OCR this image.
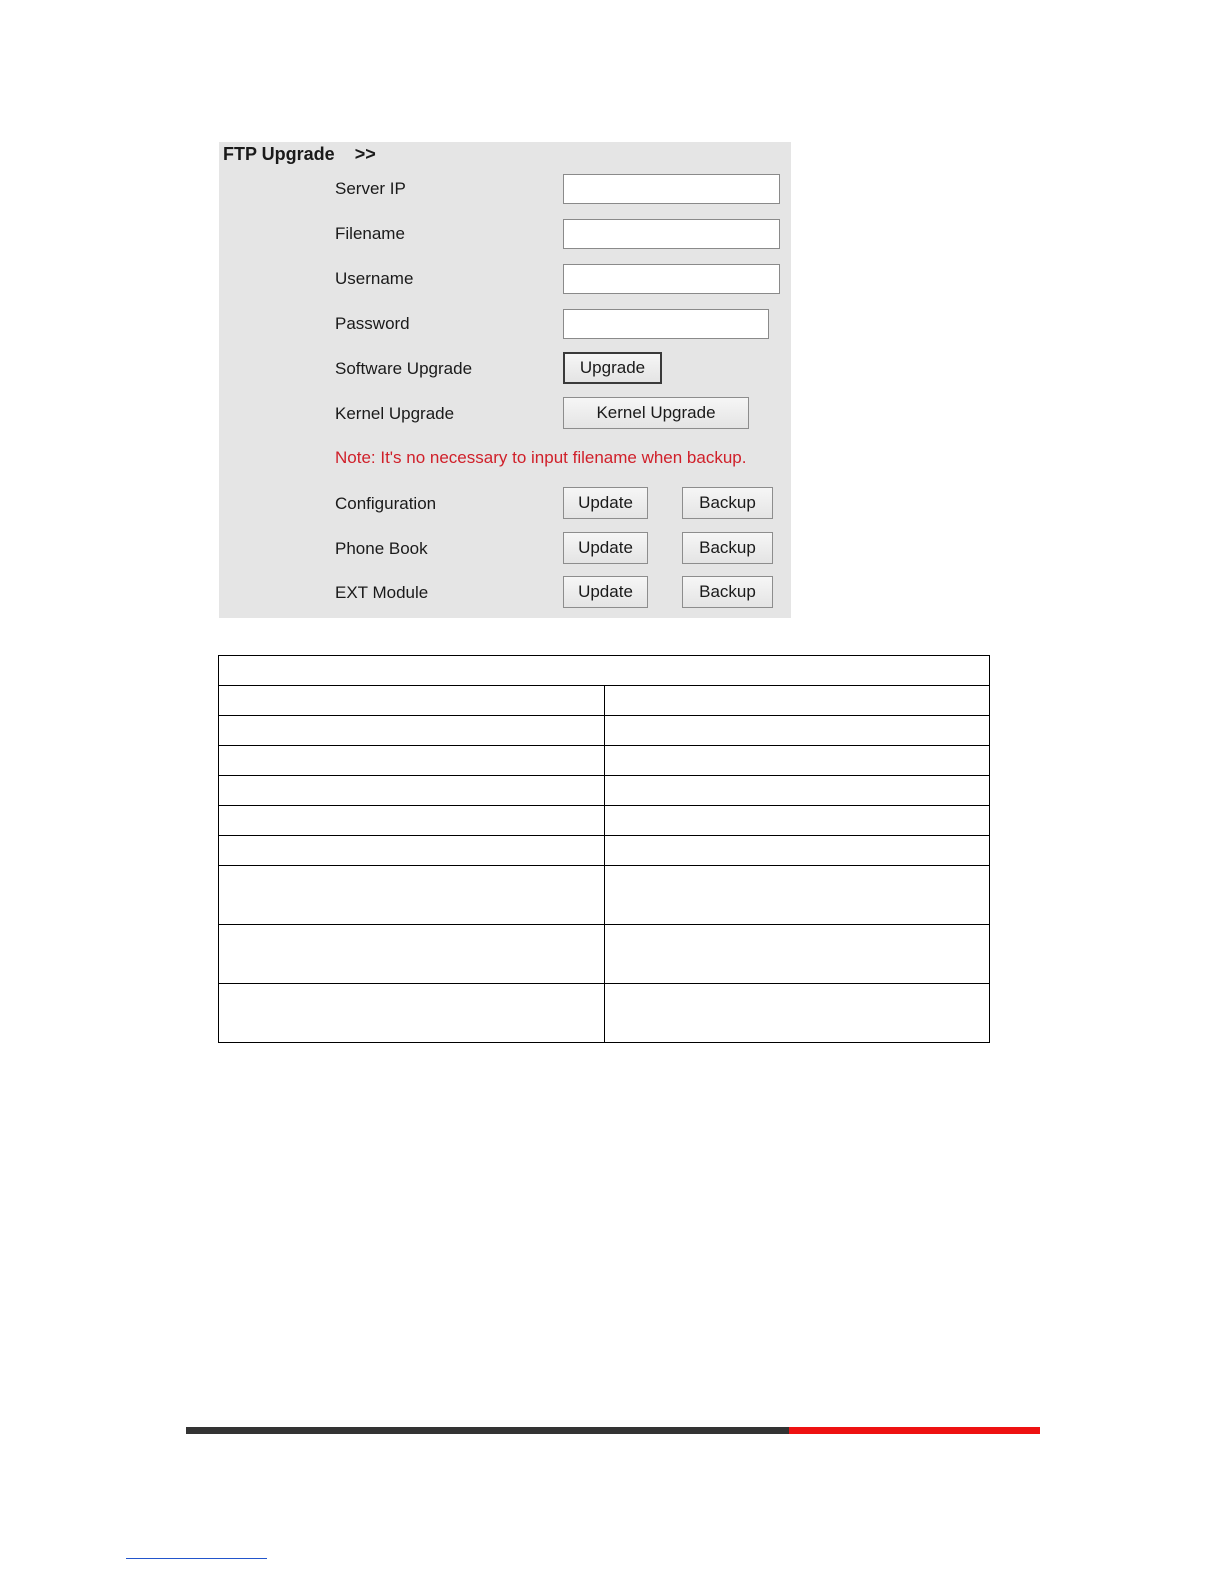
FTP Upgrade >>
Server IP
Filename
Username
Password
Software Upgrade	Upgrade
Kernel Upgrade	Kernel Upgrade
Note: It's no necessary to input filename when backup.
Configuration	Update	Backup
Phone Book	Update	Backup
EXT Module	Update	Backup
